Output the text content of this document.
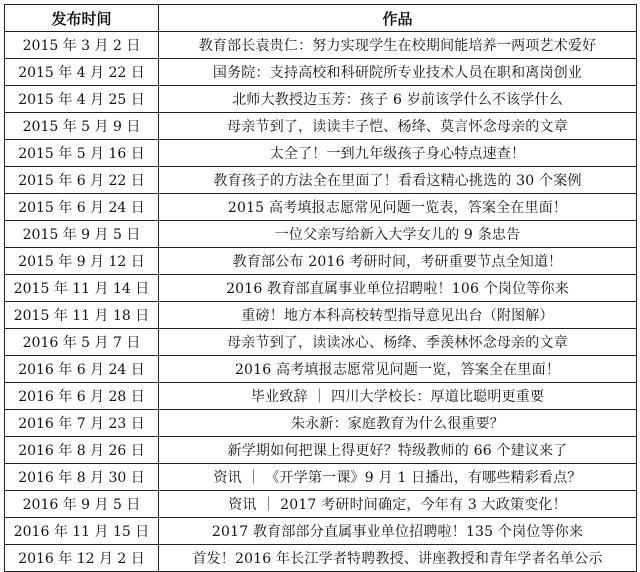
发布时间	作品
2015 年 3 月 2 日	教育部长袁贵仁：努力实现学生在校期间能培养一两项艺术爱好
2015 年 4 月 22 日	国务院：支持高校和科研院所专业技术人员在职和离岗创业
2015 年 4 月 25 日	北师大教授边玉芳：孩子 6 岁前该学什么不该学什么
2015 年 5 月 9 日	母亲节到了，读读丰子恺、杨绛、莫言怀念母亲的文章
2015 年 5 月 16 日	太全了！一到九年级孩子身心特点速查！
2015 年 6 月 22 日	教育孩子的方法全在里面了！看看这精心挑选的 30 个案例
2015 年 6 月 24 日	2015 高考填报志愿常见问题一览表，答案全在里面！
2015 年 9 月 5 日	一位父亲写给新入大学女儿的 9 条忠告
2015 年 9 月 12 日	教育部公布 2016 考研时间，考研重要节点全知道！
2015 年 11 月 14 日	2016 教育部直属事业单位招聘啦！106 个岗位等你来
2015 年 11 月 18 日	重磅！地方本科高校转型指导意见出台（附图解）
2016 年 5 月 7 日	母亲节到了，读读冰心、杨绛、季羡林怀念母亲的文章
2016 年 6 月 24 日	2016 高考填报志愿常见问题一览，答案全在里面！
2016 年 6 月 28 日	毕业致辞 ｜ 四川大学校长：厚道比聪明更重要
2016 年 7 月 23 日	朱永新：家庭教育为什么很重要？
2016 年 8 月 26 日	新学期如何把课上得更好？特级教师的 66 个建议来了
2016 年 8 月 30 日	资讯 ｜ 《开学第一课》9 月 1 日播出，有哪些精彩看点？
2016 年 9 月 5 日	资讯 ｜ 2017 考研时间确定，今年有 3 大政策变化！
2016 年 11 月 15 日	2017 教育部部分直属事业单位招聘啦！135 个岗位等你来
2016 年 12 月 2 日	首发！2016 年长江学者特聘教授、讲座教授和青年学者名单公示
